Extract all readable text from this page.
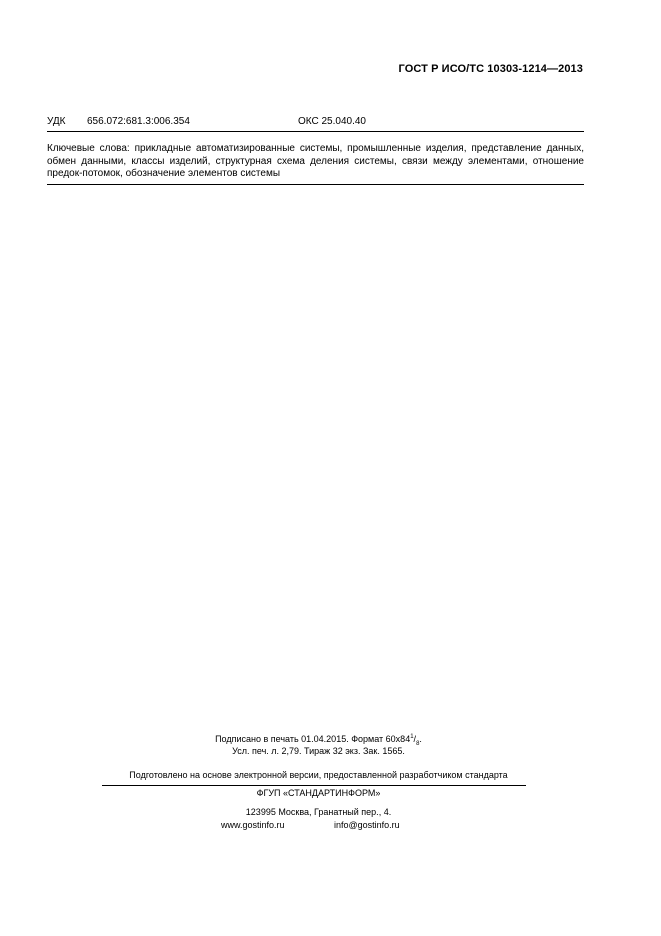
ГОСТ Р ИСО/ТС 10303-1214—2013
УДК 656.072:681.3:006.354	ОКС 25.040.40
Ключевые слова: прикладные автоматизированные системы, промышленные изделия, представление данных, обмен данными, классы изделий, структурная схема деления системы, связи между элементами, отношение предок-потомок, обозначение элементов системы
Подписано в печать 01.04.2015. Формат $60x84^1/_8$.
Усл. печ. л. 2,79. Тираж 32 экз. Зак. 1565.
Подготовлено на основе электронной версии, предоставленной разработчиком стандарта
ФГУП «СТАНДАРТИНФОРМ»
123995 Москва, Гранатный пер., 4.
www.gostinfo.ru	info@gostinfo.ru
